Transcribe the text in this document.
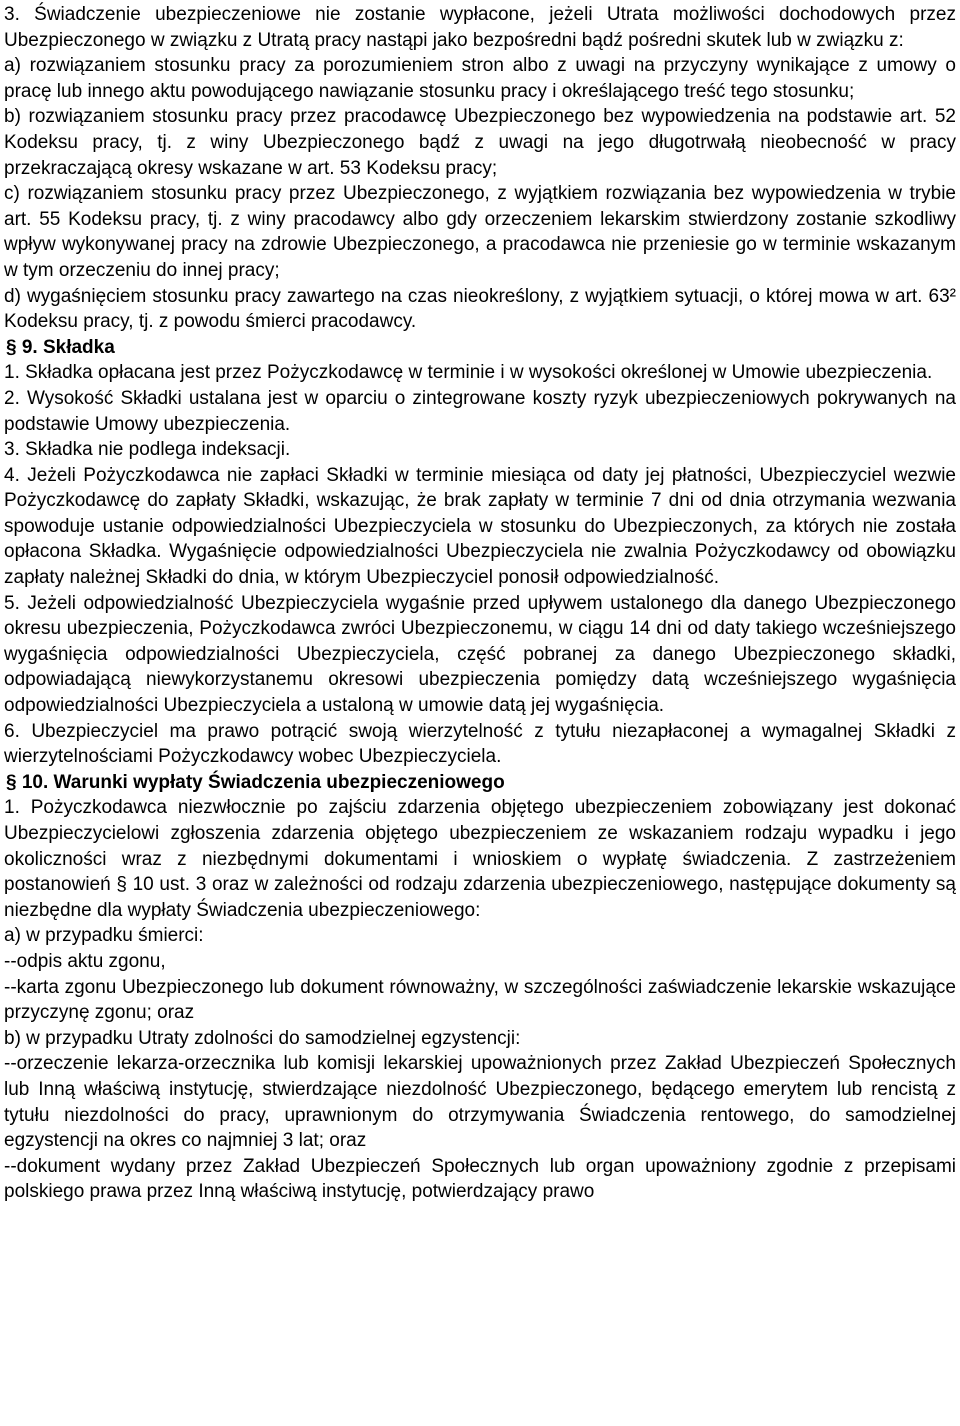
3. Świadczenie ubezpieczeniowe nie zostanie wypłacone, jeżeli Utrata możliwości dochodowych przez Ubezpieczonego w związku z Utratą pracy nastąpi jako bezpośredni bądź pośredni skutek lub w związku z:

a) rozwiązaniem stosunku pracy za porozumieniem stron albo z uwagi na przyczyny wynikające z umowy o pracę lub innego aktu powodującego nawiązanie stosunku pracy i określającego treść tego stosunku;

b) rozwiązaniem stosunku pracy przez pracodawcę Ubezpieczonego bez wypowiedzenia na podstawie art. 52 Kodeksu pracy, tj. z winy Ubezpieczonego bądź z uwagi na jego długotrwałą nieobecność w pracy przekraczającą okresy wskazane w art. 53 Kodeksu pracy;

c) rozwiązaniem stosunku pracy przez Ubezpieczonego, z wyjątkiem rozwiązania bez wypowiedzenia w trybie art. 55 Kodeksu pracy, tj. z winy pracodawcy albo gdy orzeczeniem lekarskim stwierdzony zostanie szkodliwy wpływ wykonywanej pracy na zdrowie Ubezpieczonego, a pracodawca nie przeniesie go w terminie wskazanym w tym orzeczeniu do innej pracy;

d) wygaśnięciem stosunku pracy zawartego na czas nieokreślony, z wyjątkiem sytuacji, o której mowa w art. 63² Kodeksu pracy, tj. z powodu śmierci pracodawcy.

§ 9. Składka

1. Składka opłacana jest przez Pożyczkodawcę w terminie i w wysokości określonej w Umowie ubezpieczenia.

2. Wysokość Składki ustalana jest w oparciu o zintegrowane koszty ryzyk ubezpieczeniowych pokrywanych na podstawie Umowy ubezpieczenia.

3. Składka nie podlega indeksacji.

4. Jeżeli Pożyczkodawca nie zapłaci Składki w terminie miesiąca od daty jej płatności, Ubezpieczyciel wezwie Pożyczkodawcę do zapłaty Składki, wskazując, że brak zapłaty w terminie 7 dni od dnia otrzymania wezwania spowoduje ustanie odpowiedzialności Ubezpieczyciela w stosunku do Ubezpieczonych, za których nie została opłacona Składka. Wygaśnięcie odpowiedzialności Ubezpieczyciela nie zwalnia Pożyczkodawcy od obowiązku zapłaty należnej Składki do dnia, w którym Ubezpieczyciel ponosił odpowiedzialność.

5. Jeżeli odpowiedzialność Ubezpieczyciela wygaśnie przed upływem ustalonego dla danego Ubezpieczonego okresu ubezpieczenia, Pożyczkodawca zwróci Ubezpieczonemu, w ciągu 14 dni od daty takiego wcześniejszego wygaśnięcia odpowiedzialności Ubezpieczyciela, część pobranej za danego Ubezpieczonego składki, odpowiadającą niewykorzystanemu okresowi ubezpieczenia pomiędzy datą wcześniejszego wygaśnięcia odpowiedzialności Ubezpieczyciela a ustaloną w umowie datą jej wygaśnięcia.

6. Ubezpieczyciel ma prawo potrącić swoją wierzytelność z tytułu niezapłaconej a wymagalnej Składki z wierzytelnościami Pożyczkodawcy wobec Ubezpieczyciela.

§ 10. Warunki wypłaty Świadczenia ubezpieczeniowego

1. Pożyczkodawca niezwłocznie po zajściu zdarzenia objętego ubezpieczeniem zobowiązany jest dokonać Ubezpieczycielowi zgłoszenia zdarzenia objętego ubezpieczeniem ze wskazaniem rodzaju wypadku i jego okoliczności wraz z niezbędnymi dokumentami i wnioskiem o wypłatę świadczenia. Z zastrzeżeniem postanowień § 10 ust. 3 oraz w zależności od rodzaju zdarzenia ubezpieczeniowego, następujące dokumenty są niezbędne dla wypłaty Świadczenia ubezpieczeniowego:

a) w przypadku śmierci:

--odpis aktu zgonu,

--karta zgonu Ubezpieczonego lub dokument równoważny, w szczególności zaświadczenie lekarskie wskazujące przyczynę zgonu; oraz

b) w przypadku Utraty zdolności do samodzielnej egzystencji:

--orzeczenie lekarza-orzecznika lub komisji lekarskiej upoważnionych przez Zakład Ubezpieczeń Społecznych lub Inną właściwą instytucję, stwierdzające niezdolność Ubezpieczonego, będącego emerytem lub rencistą z tytułu niezdolności do pracy, uprawnionym do otrzymywania Świadczenia rentowego, do samodzielnej egzystencji na okres co najmniej 3 lat; oraz

--dokument wydany przez Zakład Ubezpieczeń Społecznych lub organ upoważniony zgodnie z przepisami polskiego prawa przez Inną właściwą instytucję, potwierdzający prawo
